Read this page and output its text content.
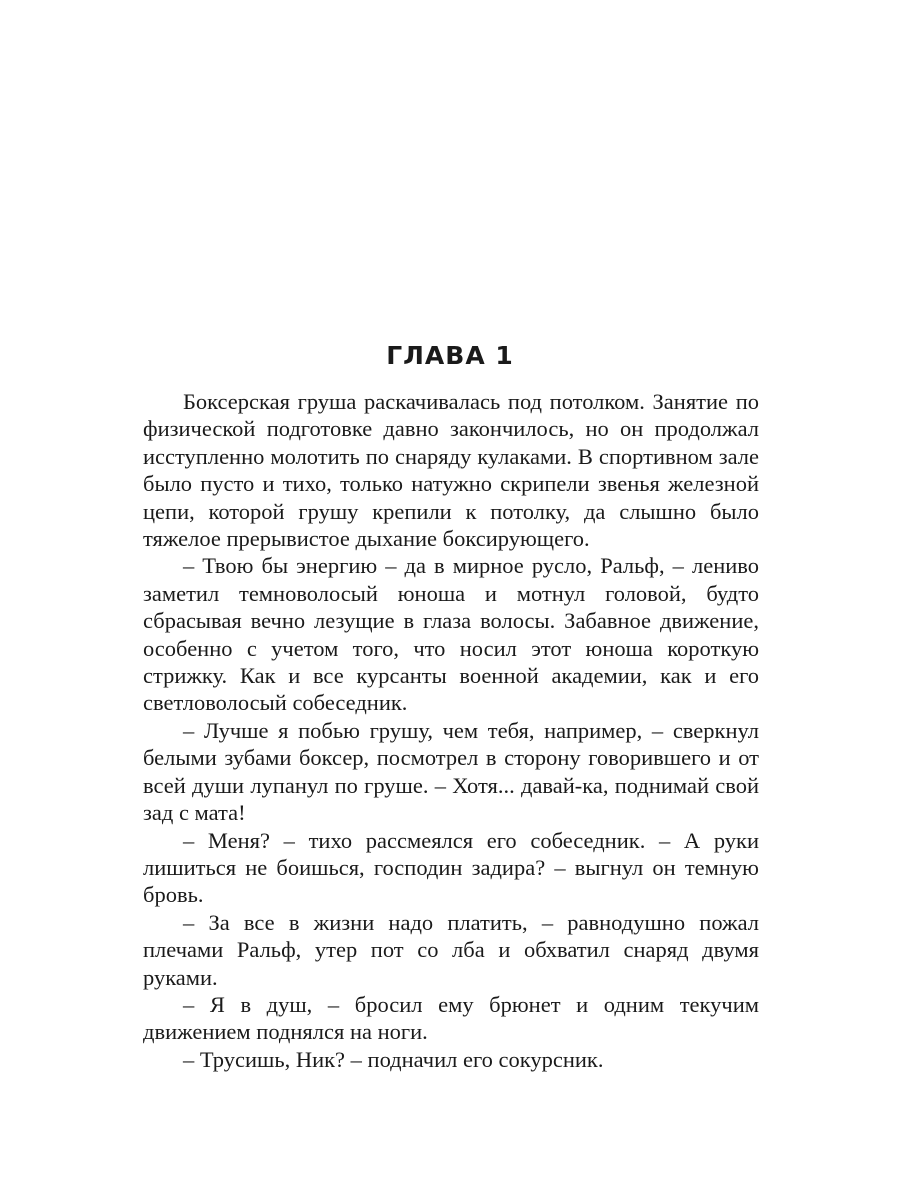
ГЛАВА 1

Боксерская груша раскачивалась под потолком. Занятие по физической подготовке давно закончилось, но он продолжал исступленно молотить по снаряду кулаками. В спортивном зале было пусто и тихо, только натужно скрипели звенья железной цепи, которой грушу крепили к потолку, да слышно было тяжелое прерывистое дыхание боксирующего.

– Твою бы энергию – да в мирное русло, Ральф, – лениво заметил темноволосый юноша и мотнул головой, будто сбрасывая вечно лезущие в глаза волосы. Забавное движение, особенно с учетом того, что носил этот юноша короткую стрижку. Как и все курсанты военной академии, как и его светловолосый собеседник.

– Лучше я побью грушу, чем тебя, например, – сверкнул белыми зубами боксер, посмотрел в сторону говорившего и от всей души лупанул по груше. – Хотя... давай-ка, поднимай свой зад с мата!

– Меня? – тихо рассмеялся его собеседник. – А руки лишиться не боишься, господин задира? – выгнул он темную бровь.

– За все в жизни надо платить, – равнодушно пожал плечами Ральф, утер пот со лба и обхватил снаряд двумя руками.

– Я в душ, – бросил ему брюнет и одним текучим движением поднялся на ноги.

– Трусишь, Ник? – подначил его сокурсник.
